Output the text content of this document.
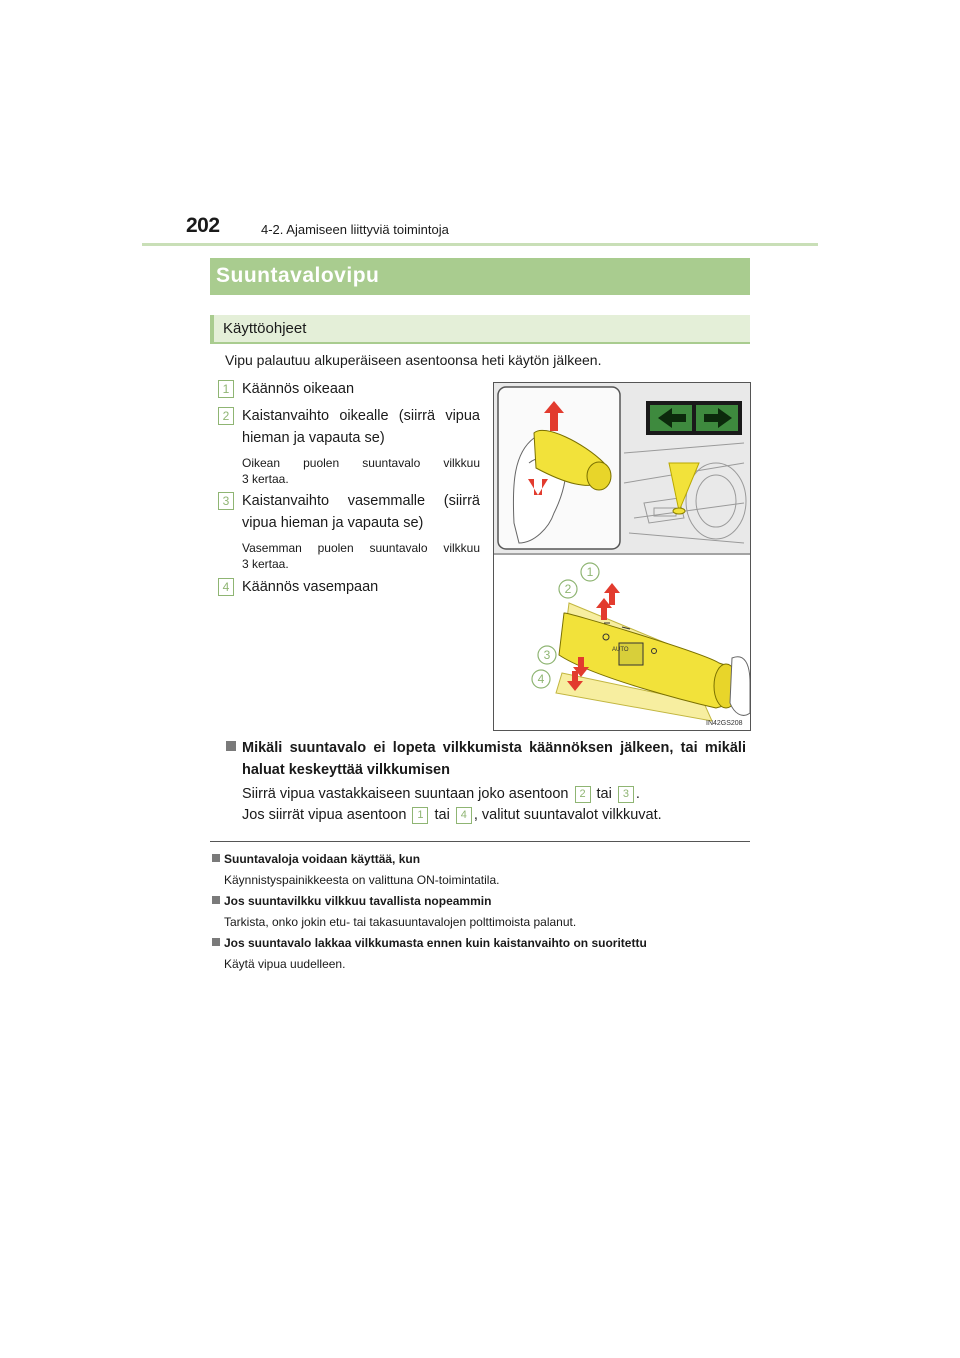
202	4-2. Ajamiseen liittyviä toimintoja
Suuntavalovipu
Käyttöohjeet
Vipu palautuu alkuperäiseen asentoonsa heti käytön jälkeen.
1 Käännös oikeaan
2 Kaistanvaihto oikealle (siirrä vipua
hieman ja vapauta se)
Oikean puolen suuntavalo vilkkuu
3 kertaa.
3 Kaistanvaihto vasemmalle (siirrä
vipua hieman ja vapauta se)
Vasemman puolen suuntavalo vilkkuu
3 kertaa.
4 Käännös vasempaan
AUTO
1
2
3
4
IN42GS208
Mikäli suuntavalo ei lopeta vilkkumista käännöksen jälkeen, tai mikäli
haluat keskeyttää vilkkumisen
Siirrä vipua vastakkaiseen suuntaan joko asentoon 2 tai 3 .
Jos siirrät vipua asentoon 1 tai 4 , valitut suuntavalot vilkkuvat.
Suuntavaloja voidaan käyttää, kun
Käynnistyspainikkeesta on valittuna ON-toimintatila.
Jos suuntavilkku vilkkuu tavallista nopeammin
Tarkista, onko jokin etu- tai takasuuntavalojen polttimoista palanut.
Jos suuntavalo lakkaa vilkkumasta ennen kuin kaistanvaihto on suoritettu
Käytä vipua uudelleen.
